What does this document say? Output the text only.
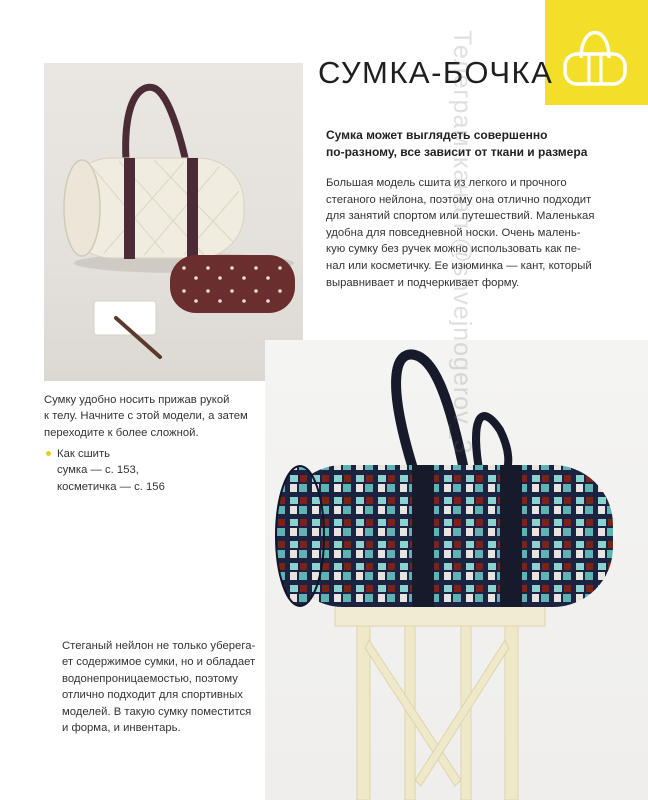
СУМКА-БОЧКА
Сумка может выглядеть совершенно
по-разному, все зависит от ткани и размера
Большая модель сшита из легкого и прочного
стеганого нейлона, поэтому она отлично подходит
для занятий спортом или путешествий. Маленькая
удобна для повседневной носки. Очень малень-
кую сумку без ручек можно использовать как пе-
нал или косметичку. Ее изюминка — кант, который
выравнивает и подчеркивает форму.
Сумку удобно носить прижав рукой
к телу. Начните с этой модели, а затем
переходите к более сложной.
Как сшить
сумка — с. 153,
косметичка — с. 156
Стеганый нейлон не только уберега-
ет содержимое сумки, но и обладает
водонепроницаемостью, поэтому
отлично подходит для спортивных
моделей. В такую сумку поместится
и форма, и инвентарь.
Телеграм-канал @shvejnogerov_3
